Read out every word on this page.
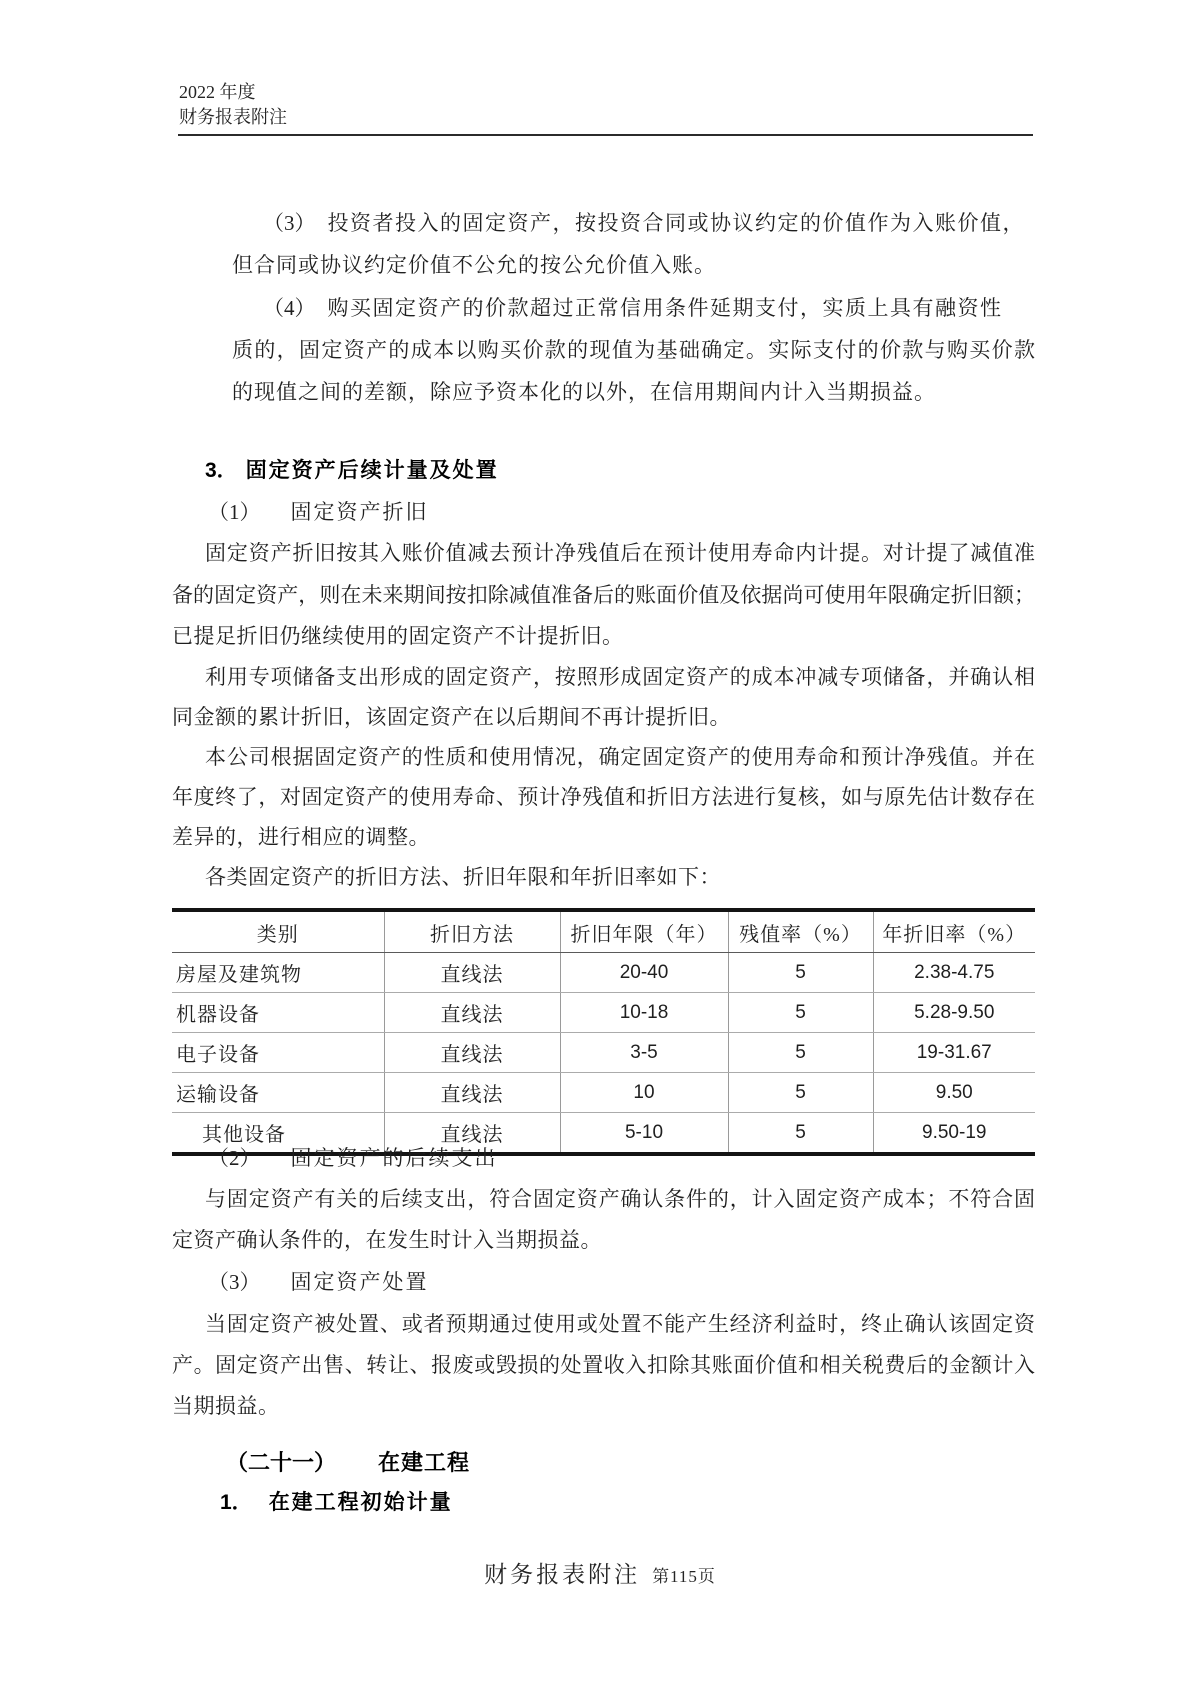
2022 年度
财务报表附注
（3） 投资者投入的固定资产，按投资合同或协议约定的价值作为入账价值，
但合同或协议约定价值不公允的按公允价值入账。
（4） 购买固定资产的价款超过正常信用条件延期支付，实质上具有融资性
质的，固定资产的成本以购买价款的现值为基础确定。实际支付的价款与购买价款
的现值之间的差额，除应予资本化的以外，在信用期间内计入当期损益。
3． 固定资产后续计量及处置
（1） 固定资产折旧
固定资产折旧按其入账价值减去预计净残值后在预计使用寿命内计提。对计提了减值准
备的固定资产，则在未来期间按扣除减值准备后的账面价值及依据尚可使用年限确定折旧额；
已提足折旧仍继续使用的固定资产不计提折旧。
利用专项储备支出形成的固定资产，按照形成固定资产的成本冲减专项储备，并确认相
同金额的累计折旧，该固定资产在以后期间不再计提折旧。
本公司根据固定资产的性质和使用情况，确定固定资产的使用寿命和预计净残值。并在
年度终了，对固定资产的使用寿命、预计净残值和折旧方法进行复核，如与原先估计数存在
差异的，进行相应的调整。
各类固定资产的折旧方法、折旧年限和年折旧率如下：
类别	折旧方法	折旧年限（年）	残值率（%）	年折旧率（%）
房屋及建筑物	直线法	20-40	5	2.38-4.75
机器设备	直线法	10-18	5	5.28-9.50
电子设备	直线法	3-5	5	19-31.67
运输设备	直线法	10	5	9.50
其他设备	直线法	5-10	5	9.50-19
（2） 固定资产的后续支出
与固定资产有关的后续支出，符合固定资产确认条件的，计入固定资产成本；不符合固
定资产确认条件的，在发生时计入当期损益。
（3） 固定资产处置
当固定资产被处置、或者预期通过使用或处置不能产生经济利益时，终止确认该固定资
产。固定资产出售、转让、报废或毁损的处置收入扣除其账面价值和相关税费后的金额计入
当期损益。
（二十一） 在建工程
1． 在建工程初始计量
财务报表附注 第115页
